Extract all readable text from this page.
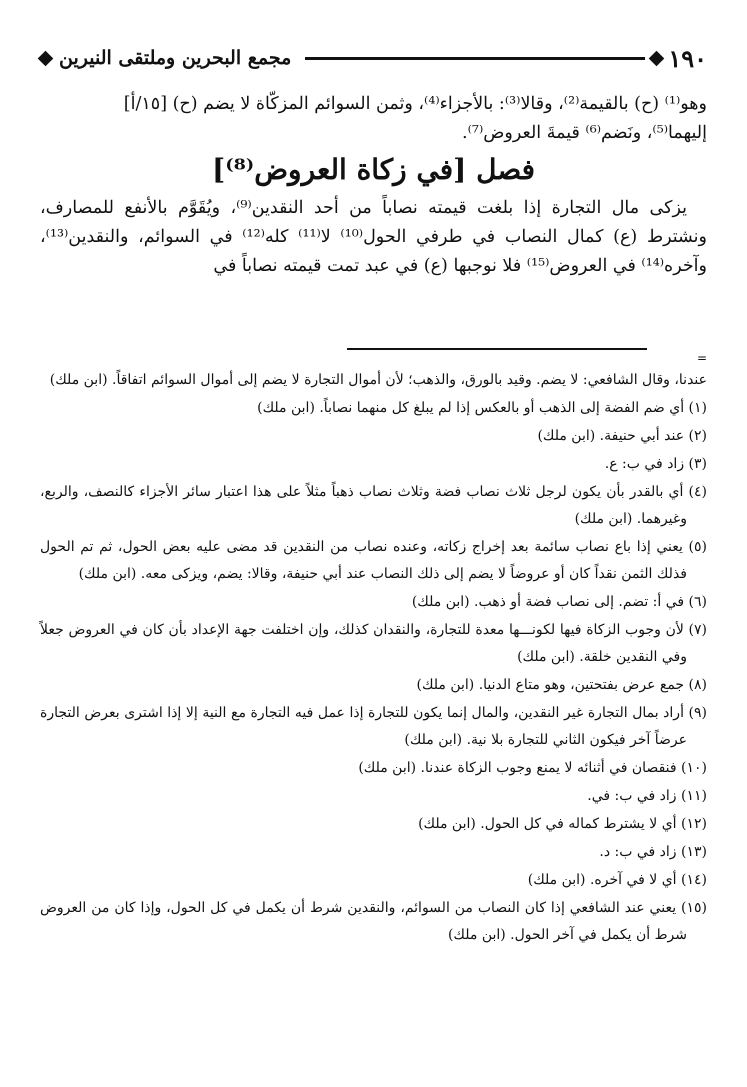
١٩٠
مجمع البحرين وملتقى النيرين

وهو⁽¹⁾ (ح) بالقيمة⁽²⁾، وقالا⁽³⁾: بالأجزاء⁽⁴⁾، وثمن السوائم المزكّاة لا يضم (ح) [١٥/أ]

إليهما⁽⁵⁾، ونَضم⁽⁶⁾ قيمةَ العروض⁽⁷⁾.

فصل [في زكاة العروض⁽⁸⁾]

يزكى مال التجارة إذا بلغت قيمته نصاباً من أحد النقدين⁽⁹⁾، ويُقَوَّم بالأنفع للمصارف، ونشترط (ع) كمال النصاب في طرفي الحول⁽¹⁰⁾ لا⁽¹¹⁾ كله⁽¹²⁾ في السوائم، والنقدين⁽¹³⁾، وآخره⁽¹⁴⁾ في العروض⁽¹⁵⁾ فلا نوجبها (ع) في عبد تمت قيمته نصاباً في

=

عندنا، وقال الشافعي: لا يضم. وقيد بالورق، والذهب؛ لأن أموال التجارة لا يضم إلى أموال السوائم اتفاقاً. (ابن ملك)

(١) أي ضم الفضة إلى الذهب أو بالعكس إذا لم يبلغ كل منهما نصاباً. (ابن ملك)

(٢) عند أبي حنيفة. (ابن ملك)

(٣) زاد في ب: ع.

(٤) أي بالقدر بأن يكون لرجل ثلاث نصاب فضة وثلاث نصاب ذهباً مثلاً على هذا اعتبار سائر الأجزاء كالنصف، والربع، وغيرهما. (ابن ملك)

(٥) يعني إذا باع نصاب سائمة بعد إخراج زكاته، وعنده نصاب من النقدين قد مضى عليه بعض الحول، ثم تم الحول فذلك الثمن نقداً كان أو عروضاً لا يضم إلى ذلك النصاب عند أبي حنيفة، وقالا: يضم، ويزكى معه. (ابن ملك)

(٦) في أ: تضم. إلى نصاب فضة أو ذهب. (ابن ملك)

(٧) لأن وجوب الزكاة فيها لكونـــها معدة للتجارة، والنقدان كذلك، وإن اختلفت جهة الإعداد بأن كان في العروض جعلاً وفي النقدين خلقة. (ابن ملك)

(٨) جمع عرض بفتحتين، وهو متاع الدنيا. (ابن ملك)

(٩) أراد بمال التجارة غير النقدين، والمال إنما يكون للتجارة إذا عمل فيه التجارة مع النية إلا إذا اشترى بعرض التجارة عرضاً آخر فيكون الثاني للتجارة بلا نية. (ابن ملك)

(١٠) فنقصان في أثنائه لا يمنع وجوب الزكاة عندنا. (ابن ملك)

(١١) زاد في ب: في.

(١٢) أي لا يشترط كماله في كل الحول. (ابن ملك)

(١٣) زاد في ب: د.

(١٤) أي لا في آخره. (ابن ملك)

(١٥) يعني عند الشافعي إذا كان النصاب من السوائم، والنقدين شرط أن يكمل في كل الحول، وإذا كان من العروض شرط أن يكمل في آخر الحول. (ابن ملك)
